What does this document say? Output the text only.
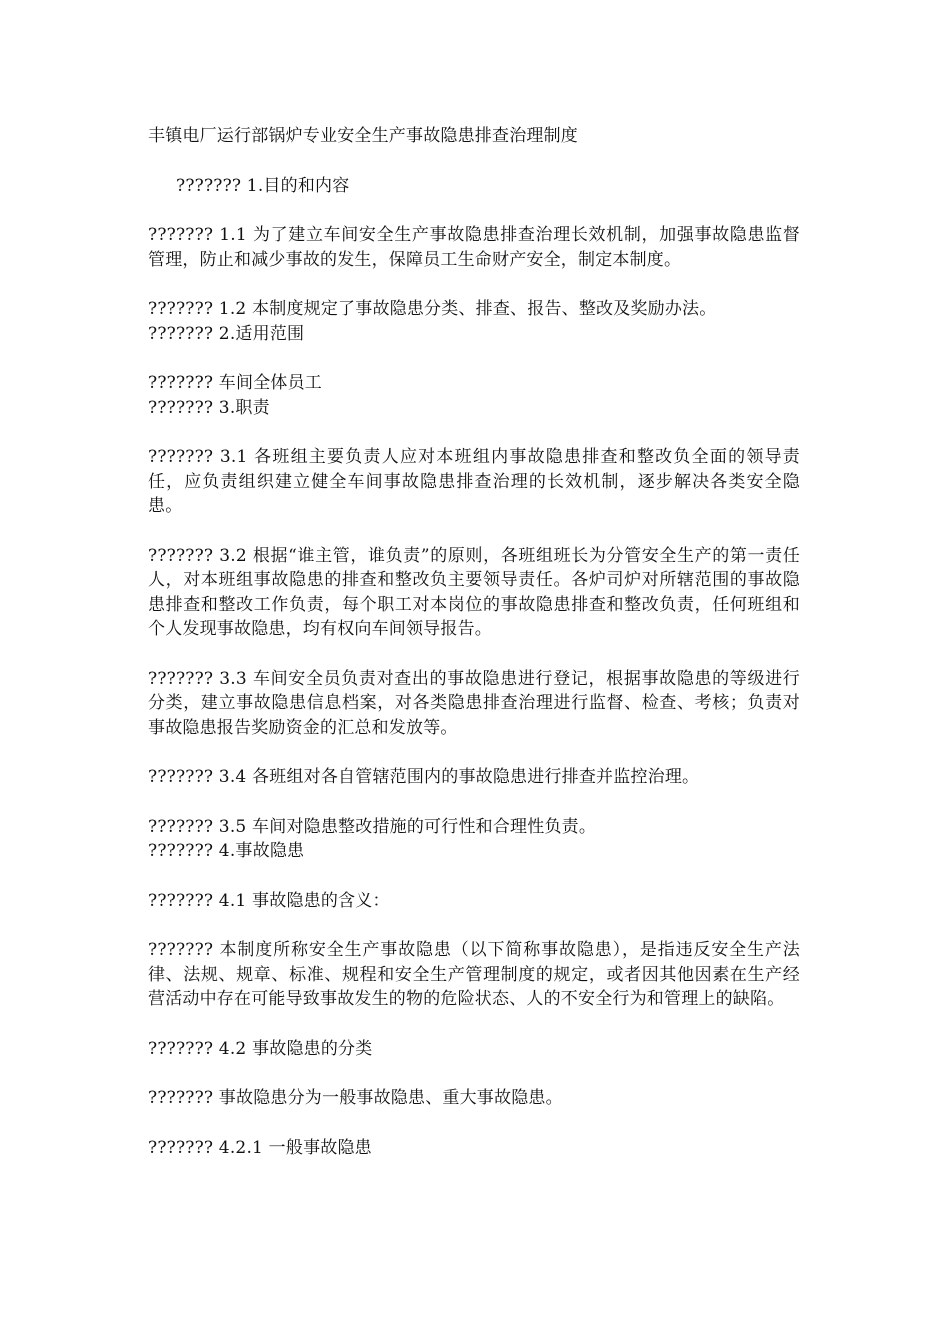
丰镇电厂运行部锅炉专业安全生产事故隐患排查治理制度

??????? 1.目的和内容

??????? 1.1 为了建立车间安全生产事故隐患排查治理长效机制，加强事故隐患监督管理，防止和减少事故的发生，保障员工生命财产安全，制定本制度。

??????? 1.2 本制度规定了事故隐患分类、排查、报告、整改及奖励办法。

??????? 2.适用范围

??????? 车间全体员工

??????? 3.职责

??????? 3.1 各班组主要负责人应对本班组内事故隐患排查和整改负全面的领导责任，应负责组织建立健全车间事故隐患排查治理的长效机制，逐步解决各类安全隐患。

??????? 3.2 根据“谁主管，谁负责”的原则，各班组班长为分管安全生产的第一责任人，对本班组事故隐患的排查和整改负主要领导责任。各炉司炉对所辖范围的事故隐患排查和整改工作负责，每个职工对本岗位的事故隐患排查和整改负责，任何班组和个人发现事故隐患，均有权向车间领导报告。

??????? 3.3 车间安全员负责对查出的事故隐患进行登记，根据事故隐患的等级进行分类，建立事故隐患信息档案，对各类隐患排查治理进行监督、检查、考核；负责对事故隐患报告奖励资金的汇总和发放等。

??????? 3.4 各班组对各自管辖范围内的事故隐患进行排查并监控治理。

??????? 3.5 车间对隐患整改措施的可行性和合理性负责。

??????? 4.事故隐患

??????? 4.1 事故隐患的含义：

??????? 本制度所称安全生产事故隐患（以下简称事故隐患），是指违反安全生产法律、法规、规章、标准、规程和安全生产管理制度的规定，或者因其他因素在生产经营活动中存在可能导致事故发生的物的危险状态、人的不安全行为和管理上的缺陷。

??????? 4.2 事故隐患的分类

??????? 事故隐患分为一般事故隐患、重大事故隐患。

??????? 4.2.1 一般事故隐患
